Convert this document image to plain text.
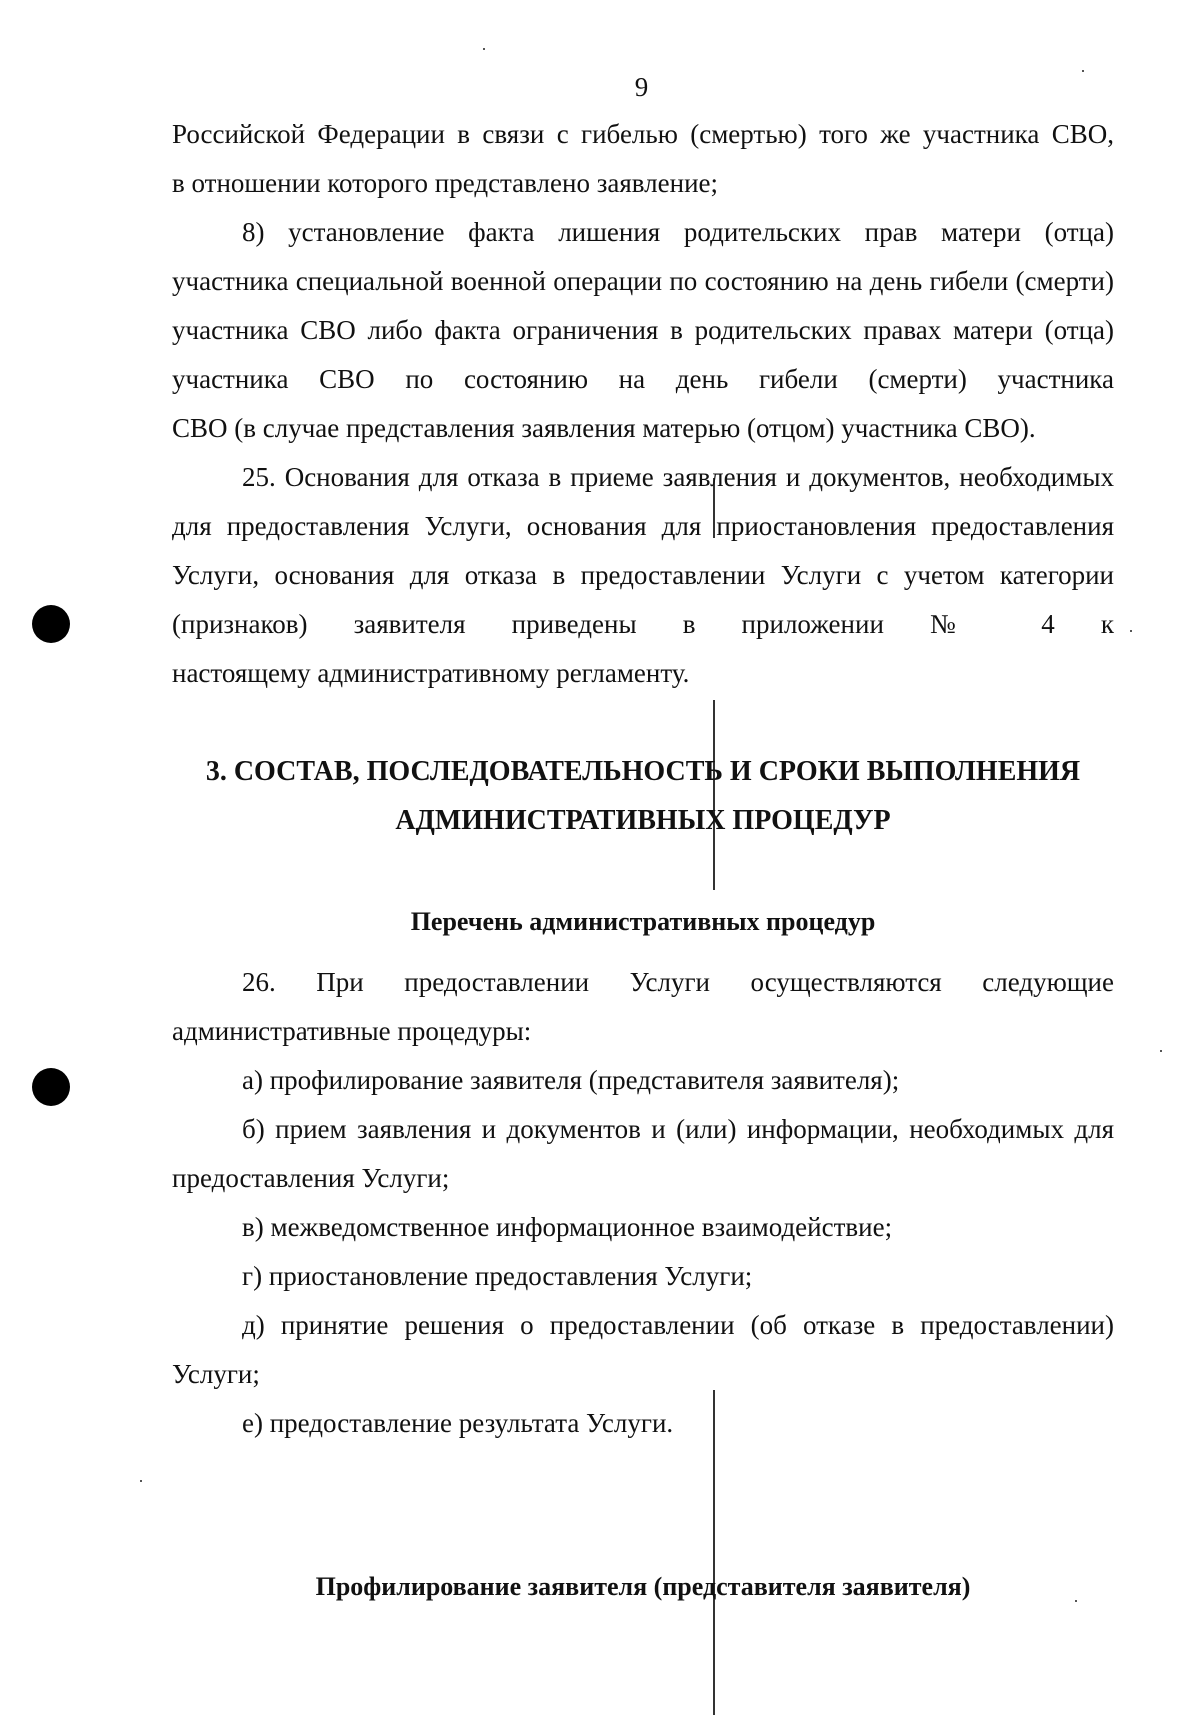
9
Российской Федерации в связи с гибелью (смертью) того же участника СВО,
в отношении которого представлено заявление;
8) установление факта лишения родительских прав матери (отца) участника специальной военной операции по состоянию на день гибели (смерти) участника СВО либо факта ограничения в родительских правах матери (отца) участника СВО по состоянию на день гибели (смерти) участника
СВО (в случае представления заявления матерью (отцом) участника СВО).
25. Основания для отказа в приеме заявления и документов, необходимых для предоставления Услуги, основания для приостановления предоставления Услуги, основания для отказа в предоставлении Услуги с учетом категории (признаков) заявителя приведены в приложении № 4 к
настоящему административному регламенту.
3. СОСТАВ, ПОСЛЕДОВАТЕЛЬНОСТЬ И СРОКИ ВЫПОЛНЕНИЯ
АДМИНИСТРАТИВНЫХ ПРОЦЕДУР
Перечень административных процедур
26. При предоставлении Услуги осуществляются следующие
административные процедуры:
а) профилирование заявителя (представителя заявителя);
б) прием заявления и документов и (или) информации, необходимых для
предоставления Услуги;
в) межведомственное информационное взаимодействие;
г) приостановление предоставления Услуги;
д) принятие решения о предоставлении (об отказе в предоставлении)
Услуги;
е) предоставление результата Услуги.
Профилирование заявителя (представителя заявителя)
